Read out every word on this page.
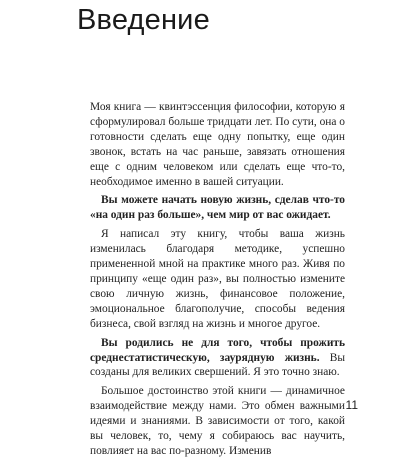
Введение

Моя книга — квинтэссенция философии, которую я сформулировал больше тридцати лет. По сути, она о готовности сделать еще одну попытку, еще один звонок, встать на час раньше, завязать отношения еще с одним человеком или сделать еще что-то, необходимое именно в вашей ситуации.

Вы можете начать новую жизнь, сделав что-то «на один раз больше», чем мир от вас ожидает.

Я написал эту книгу, чтобы ваша жизнь изменилась благодаря методике, успешно примененной мной на практике много раз. Живя по принципу «еще один раз», вы полностью измените свою личную жизнь, финансовое положение, эмоциональное благополучие, способы ведения бизнеса, свой взгляд на жизнь и многое другое.

Вы родились не для того, чтобы прожить среднестатистическую, заурядную жизнь. Вы созданы для великих свершений. Я это точно знаю.

Большое достоинство этой книги — динамичное взаимодействие между нами. Это обмен важными идеями и знаниями. В зависимости от того, какой вы человек, то, чему я собираюсь вас научить, повлияет на вас по-разному. Изменив

11
